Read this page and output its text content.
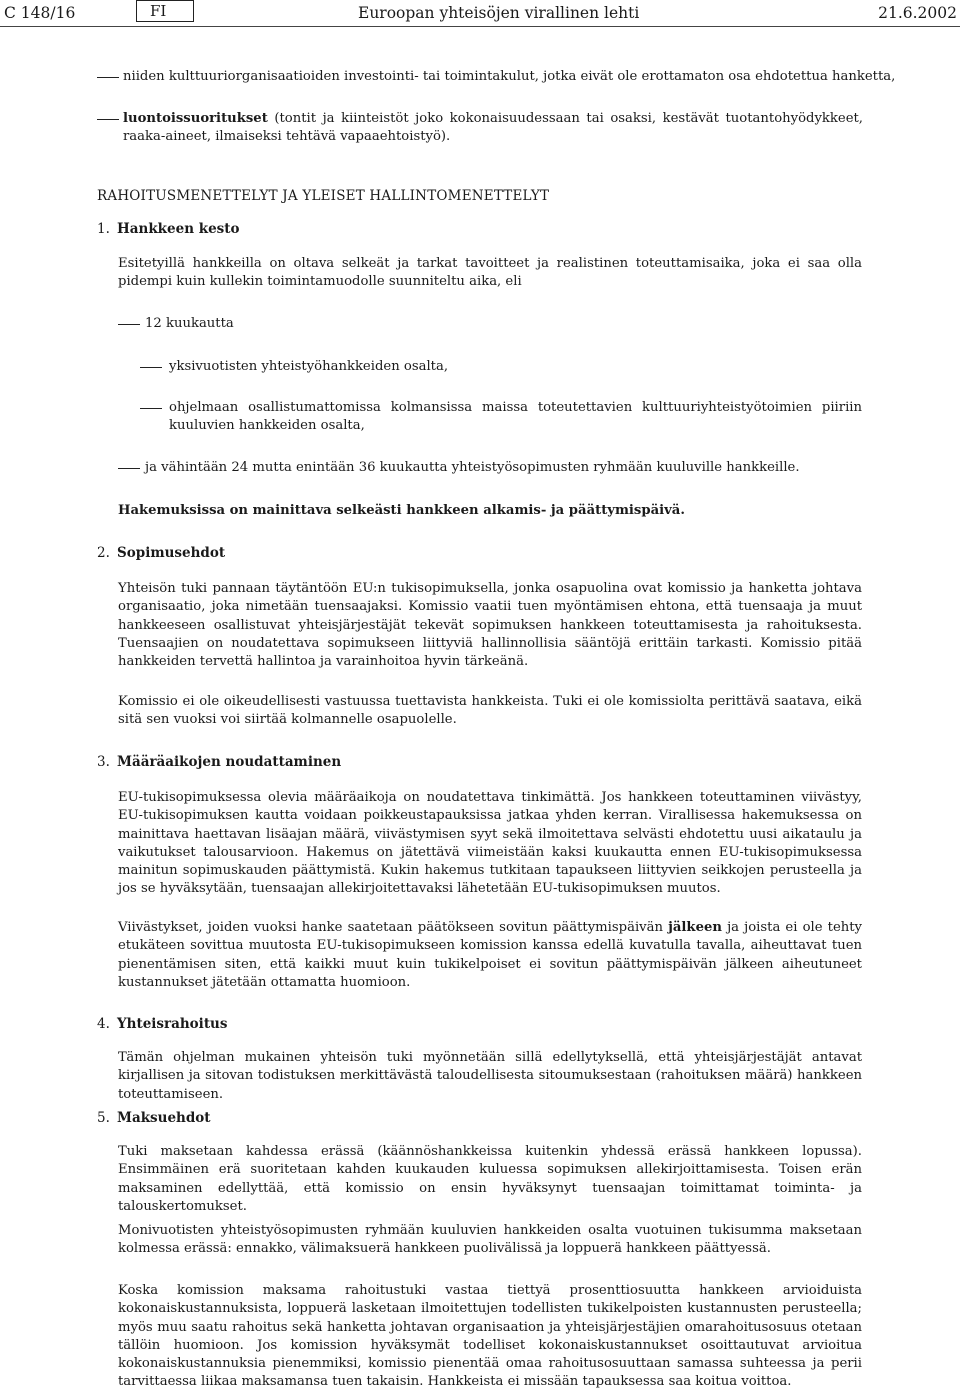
C 148/16	FI	Euroopan yhteisöjen virallinen lehti	21.6.2002
niiden kulttuuriorganisaatioiden investointi- tai toimintakulut, jotka eivät ole erottamaton osa ehdotettua hanketta,
luontoissuoritukset (tontit ja kiinteistöt joko kokonaisuudessaan tai osaksi, kestävät tuotantohyödykkeet, raaka-aineet, ilmaiseksi tehtävä vapaaehtoistyö).
RAHOITUSMENETTELYT JA YLEISET HALLINTOMENETTELYT
1. Hankkeen kesto
Esitetyillä hankkeilla on oltava selkeät ja tarkat tavoitteet ja realistinen toteuttamisaika, joka ei saa olla pidempi kuin kullekin toimintamuodolle suunniteltu aika, eli
12 kuukautta
yksivuotisten yhteistyöhankkeiden osalta,
ohjelmaan osallistumattomissa kolmansissa maissa toteutettavien kulttuuriyhteistyötoimien piiriin kuuluvien hankkeiden osalta,
ja vähintään 24 mutta enintään 36 kuukautta yhteistyösopimusten ryhmään kuuluville hankkeille.
Hakemuksissa on mainittava selkeästi hankkeen alkamis- ja päättymispäivä.
2. Sopimusehdot
Yhteisön tuki pannaan täytäntöön EU:n tukisopimuksella, jonka osapuolina ovat komissio ja hanketta johtava organisaatio, joka nimetään tuensaajaksi. Komissio vaatii tuen myöntämisen ehtona, että tuensaaja ja muut hankkeeseen osallistuvat yhteisjärjestäjät tekevät sopimuksen hankkeen toteuttamisesta ja rahoituksesta. Tuensaajien on noudatettava sopimukseen liittyviä hallinnollisia sääntöjä erittäin tarkasti. Komissio pitää hankkeiden tervettä hallintoa ja varainhoitoa hyvin tärkeänä.
Komissio ei ole oikeudellisesti vastuussa tuettavista hankkeista. Tuki ei ole komissiolta perittävä saatava, eikä sitä sen vuoksi voi siirtää kolmannelle osapuolelle.
3. Määräaikojen noudattaminen
EU-tukisopimuksessa olevia määräaikoja on noudatettava tinkimättä. Jos hankkeen toteuttaminen viivästyy, EU-tukisopimuksen kautta voidaan poikkeustapauksissa jatkaa yhden kerran. Virallisessa hakemuksessa on mainittava haettavan lisäajan määrä, viivästymisen syyt sekä ilmoitettava selvästi ehdotettu uusi aikataulu ja vaikutukset talousarvioon. Hakemus on jätettävä viimeistään kaksi kuukautta ennen EU-tukisopimuksessa mainitun sopimuskauden päättymistä. Kukin hakemus tutkitaan tapaukseen liittyvien seikkojen perusteella ja jos se hyväksytään, tuensaajan allekirjoitettavaksi lähetetään EU-tukisopimuksen muutos.
Viivästykset, joiden vuoksi hanke saatetaan päätökseen sovitun päättymispäivän jälkeen ja joista ei ole tehty etukäteen sovittua muutosta EU-tukisopimukseen komission kanssa edellä kuvatulla tavalla, aiheuttavat tuen pienentämisen siten, että kaikki muut kuin tukikelpoiset ei sovitun päättymispäivän jälkeen aiheutuneet kustannukset jätetään ottamatta huomioon.
4. Yhteisrahoitus
Tämän ohjelman mukainen yhteisön tuki myönnetään sillä edellytyksellä, että yhteisjärjestäjät antavat kirjallisen ja sitovan todistuksen merkittävästä taloudellisesta sitoumuksestaan (rahoituksen määrä) hankkeen toteuttamiseen.
5. Maksuehdot
Tuki maksetaan kahdessa erässä (käännöshankkeissa kuitenkin yhdessä erässä hankkeen lopussa). Ensimmäinen erä suoritetaan kahden kuukauden kuluessa sopimuksen allekirjoittamisesta. Toisen erän maksaminen edellyttää, että komissio on ensin hyväksynyt tuensaajan toimittamat toiminta- ja talouskertomukset.
Monivuotisten yhteistyösopimusten ryhmään kuuluvien hankkeiden osalta vuotuinen tukisumma maksetaan kolmessa erässä: ennakko, välimaksuerä hankkeen puolivälissä ja loppuerä hankkeen päättyessä.
Koska komission maksama rahoitustuki vastaa tiettyä prosenttiosuutta hankkeen arvioiduista kokonaiskustannuksista, loppuerä lasketaan ilmoitettujen todellisten tukikelpoisten kustannusten perusteella; myös muu saatu rahoitus sekä hanketta johtavan organisaation ja yhteisjärjestäjien omarahoitusosuus otetaan tällöin huomioon. Jos komission hyväksymät todelliset kokonaiskustannukset osoittautuvat arvioitua kokonaiskustannuksia pienemmiksi, komissio pienentää omaa rahoitusosuuttaan samassa suhteessa ja perii tarvittaessa liikaa maksamansa tuen takaisin. Hankkeista ei missään tapauksessa saa koitua voittoa.
